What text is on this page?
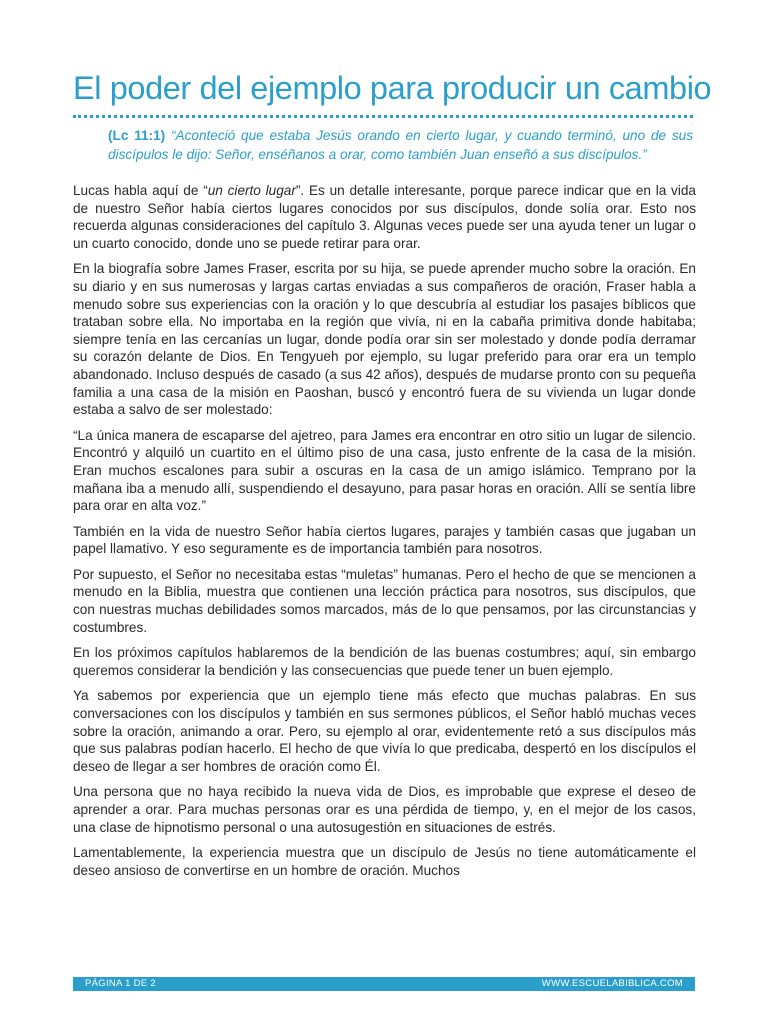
El poder del ejemplo para producir un cambio

(Lc 11:1) “Aconteció que estaba Jesús orando en cierto lugar, y cuando terminó, uno de sus discípulos le dijo: Señor, enséñanos a orar, como también Juan enseñó a sus discípulos.”

Lucas habla aquí de “un cierto lugar”. Es un detalle interesante, porque parece indicar que en la vida de nuestro Señor había ciertos lugares conocidos por sus discípulos, donde solía orar. Esto nos recuerda algunas consideraciones del capítulo 3. Algunas veces puede ser una ayuda tener un lugar o un cuarto conocido, donde uno se puede retirar para orar.

En la biografía sobre James Fraser, escrita por su hija, se puede aprender mucho sobre la oración. En su diario y en sus numerosas y largas cartas enviadas a sus compañeros de oración, Fraser habla a menudo sobre sus experiencias con la oración y lo que descubría al estudiar los pasajes bíblicos que trataban sobre ella. No importaba en la región que vivía, ni en la cabaña primitiva donde habitaba; siempre tenía en las cercanías un lugar, donde podía orar sin ser molestado y donde podía derramar su corazón delante de Dios. En Tengyueh por ejemplo, su lugar preferido para orar era un templo abandonado. Incluso después de casado (a sus 42 años), después de mudarse pronto con su pequeña familia a una casa de la misión en Paoshan, buscó y encontró fuera de su vivienda un lugar donde estaba a salvo de ser molestado:

“La única manera de escaparse del ajetreo, para James era encontrar en otro sitio un lugar de silencio. Encontró y alquiló un cuartito en el último piso de una casa, justo enfrente de la casa de la misión. Eran muchos escalones para subir a oscuras en la casa de un amigo islámico. Temprano por la mañana iba a menudo allí, suspendiendo el desayuno, para pasar horas en oración. Allí se sentía libre para orar en alta voz.”

También en la vida de nuestro Señor había ciertos lugares, parajes y también casas que jugaban un papel llamativo. Y eso seguramente es de importancia también para nosotros.

Por supuesto, el Señor no necesitaba estas “muletas” humanas. Pero el hecho de que se mencionen a menudo en la Biblia, muestra que contienen una lección práctica para nosotros, sus discípulos, que con nuestras muchas debilidades somos marcados, más de lo que pensamos, por las circunstancias y costumbres.

En los próximos capítulos hablaremos de la bendición de las buenas costumbres; aquí, sin embargo queremos considerar la bendición y las consecuencias que puede tener un buen ejemplo.

Ya sabemos por experiencia que un ejemplo tiene más efecto que muchas palabras. En sus conversaciones con los discípulos y también en sus sermones públicos, el Señor habló muchas veces sobre la oración, animando a orar. Pero, su ejemplo al orar, evidentemente retó a sus discípulos más que sus palabras podían hacerlo. El hecho de que vivía lo que predicaba, despertó en los discípulos el deseo de llegar a ser hombres de oración como Él.

Una persona que no haya recibido la nueva vida de Dios, es improbable que exprese el deseo de aprender a orar. Para muchas personas orar es una pérdida de tiempo, y, en el mejor de los casos, una clase de hipnotismo personal o una autosugestión en situaciones de estrés.

Lamentablemente, la experiencia muestra que un discípulo de Jesús no tiene automáticamente el deseo ansioso de convertirse en un hombre de oración. Muchos

PÁGINA 1 DE 2	WWW.ESCUELABIBLICA.COM
